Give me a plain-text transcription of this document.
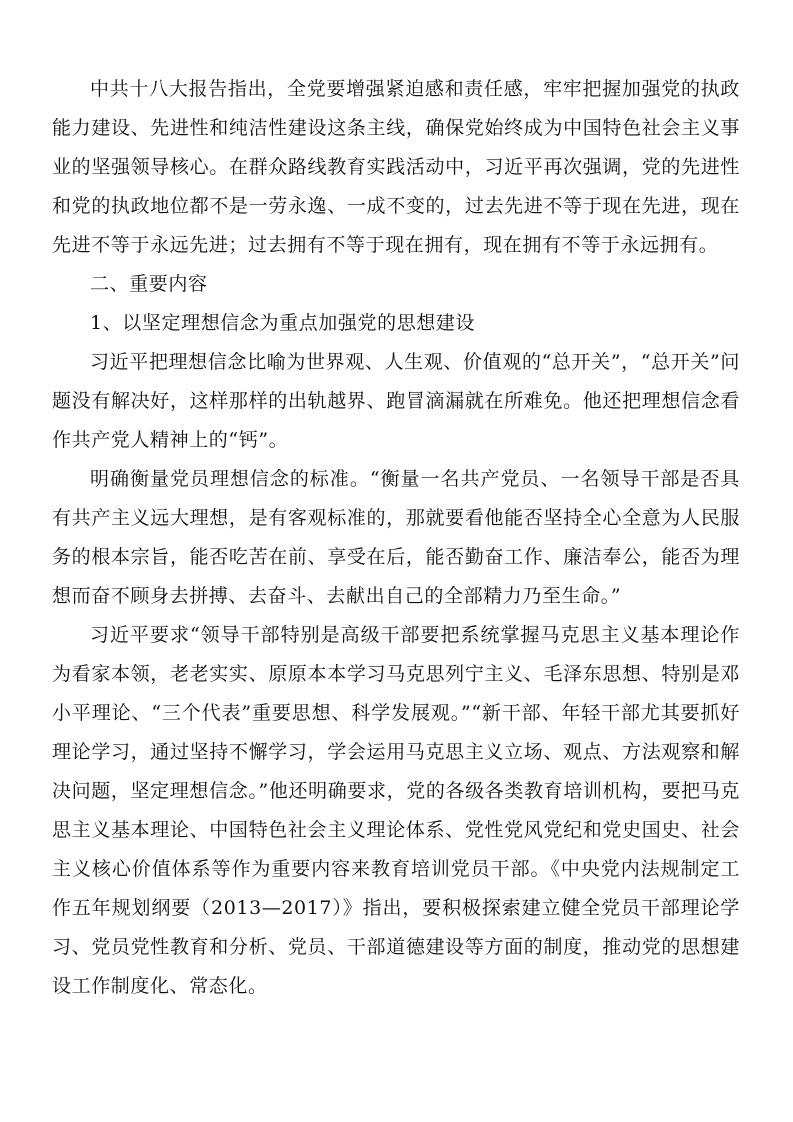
中共十八大报告指出，全党要增强紧迫感和责任感，牢牢把握加强党的执政能力建设、先进性和纯洁性建设这条主线，确保党始终成为中国特色社会主义事业的坚强领导核心。在群众路线教育实践活动中，习近平再次强调，党的先进性和党的执政地位都不是一劳永逸、一成不变的，过去先进不等于现在先进，现在先进不等于永远先进；过去拥有不等于现在拥有，现在拥有不等于永远拥有。

二、重要内容

1、以坚定理想信念为重点加强党的思想建设

习近平把理想信念比喻为世界观、人生观、价值观的“总开关”，“总开关”问题没有解决好，这样那样的出轨越界、跑冒滴漏就在所难免。他还把理想信念看作共产党人精神上的“钙”。

明确衡量党员理想信念的标准。“衡量一名共产党员、一名领导干部是否具有共产主义远大理想，是有客观标准的，那就要看他能否坚持全心全意为人民服务的根本宗旨，能否吃苦在前、享受在后，能否勤奋工作、廉洁奉公，能否为理想而奋不顾身去拼搏、去奋斗、去献出自己的全部精力乃至生命。”

习近平要求“领导干部特别是高级干部要把系统掌握马克思主义基本理论作为看家本领，老老实实、原原本本学习马克思列宁主义、毛泽东思想、特别是邓小平理论、“三个代表”重要思想、科学发展观。”“新干部、年轻干部尤其要抓好理论学习，通过坚持不懈学习，学会运用马克思主义立场、观点、方法观察和解决问题，坚定理想信念。”他还明确要求，党的各级各类教育培训机构，要把马克思主义基本理论、中国特色社会主义理论体系、党性党风党纪和党史国史、社会主义核心价值体系等作为重要内容来教育培训党员干部。《中央党内法规制定工作五年规划纲要（2013—2017）》指出，要积极探索建立健全党员干部理论学习、党员党性教育和分析、党员、干部道德建设等方面的制度，推动党的思想建设工作制度化、常态化。
